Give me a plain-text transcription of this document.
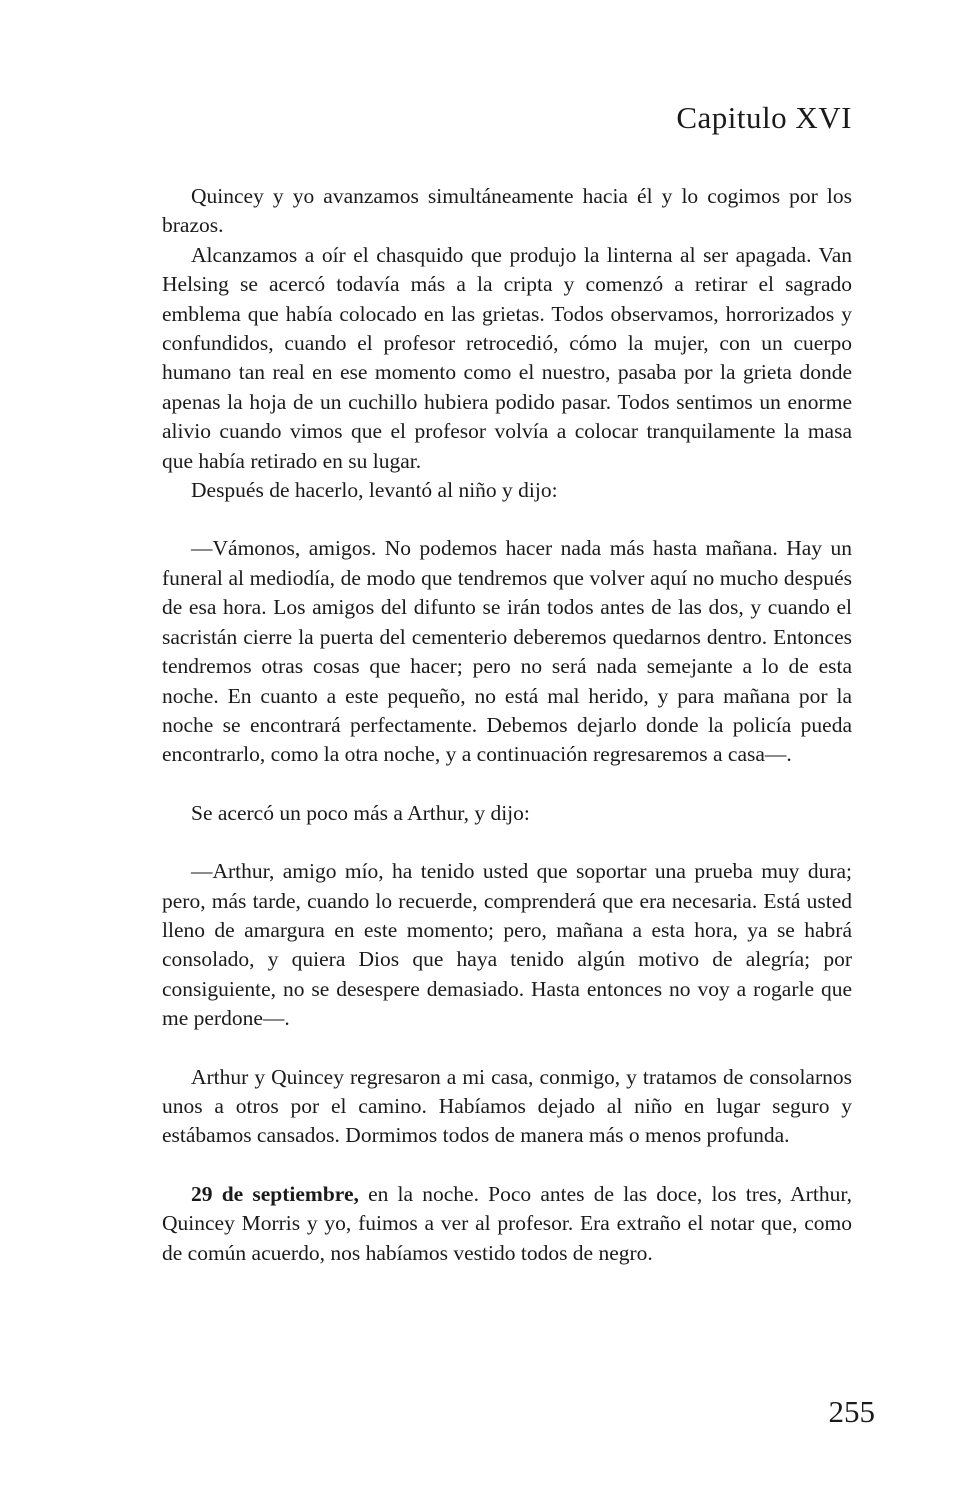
Capitulo XVI

Quincey y yo avanzamos simultáneamente hacia él y lo cogimos por los brazos.

Alcanzamos a oír el chasquido que produjo la linterna al ser apagada. Van Helsing se acercó todavía más a la cripta y comenzó a retirar el sagrado emblema que había colocado en las grietas. Todos observamos, horrorizados y confundidos, cuando el profesor retrocedió, cómo la mujer, con un cuerpo humano tan real en ese momento como el nuestro, pasaba por la grieta donde apenas la hoja de un cuchillo hubiera podido pasar. Todos sentimos un enorme alivio cuando vimos que el profesor volvía a colocar tranquilamente la masa que había retirado en su lugar.

Después de hacerlo, levantó al niño y dijo:

—Vámonos, amigos. No podemos hacer nada más hasta mañana. Hay un funeral al mediodía, de modo que tendremos que volver aquí no mucho después de esa hora. Los amigos del difunto se irán todos antes de las dos, y cuando el sacristán cierre la puerta del cementerio deberemos quedarnos dentro. Entonces tendremos otras cosas que hacer; pero no será nada semejante a lo de esta noche. En cuanto a este pequeño, no está mal herido, y para mañana por la noche se encontrará perfectamente. Debemos dejarlo donde la policía pueda encontrarlo, como la otra noche, y a continuación regresaremos a casa—.

Se acercó un poco más a Arthur, y dijo:

—Arthur, amigo mío, ha tenido usted que soportar una prueba muy dura; pero, más tarde, cuando lo recuerde, comprenderá que era necesaria. Está usted lleno de amargura en este momento; pero, mañana a esta hora, ya se habrá consolado, y quiera Dios que haya tenido algún motivo de alegría; por consiguiente, no se desespere demasiado. Hasta entonces no voy a rogarle que me perdone—.

Arthur y Quincey regresaron a mi casa, conmigo, y tratamos de consolarnos unos a otros por el camino. Habíamos dejado al niño en lugar seguro y estábamos cansados. Dormimos todos de manera más o menos profunda.

29 de septiembre, en la noche. Poco antes de las doce, los tres, Arthur, Quincey Morris y yo, fuimos a ver al profesor. Era extraño el notar que, como de común acuerdo, nos habíamos vestido todos de negro.

255
